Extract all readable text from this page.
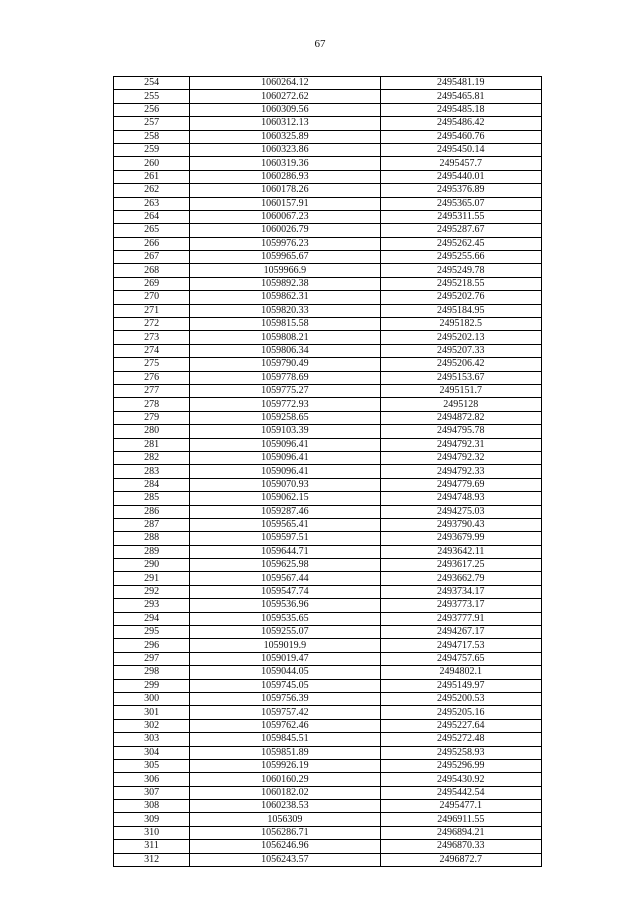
67
254	1060264.12	2495481.19
255	1060272.62	2495465.81
256	1060309.56	2495485.18
257	1060312.13	2495486.42
258	1060325.89	2495460.76
259	1060323.86	2495450.14
260	1060319.36	2495457.7
261	1060286.93	2495440.01
262	1060178.26	2495376.89
263	1060157.91	2495365.07
264	1060067.23	2495311.55
265	1060026.79	2495287.67
266	1059976.23	2495262.45
267	1059965.67	2495255.66
268	1059966.9	2495249.78
269	1059892.38	2495218.55
270	1059862.31	2495202.76
271	1059820.33	2495184.95
272	1059815.58	2495182.5
273	1059808.21	2495202.13
274	1059806.34	2495207.33
275	1059790.49	2495206.42
276	1059778.69	2495153.67
277	1059775.27	2495151.7
278	1059772.93	2495128
279	1059258.65	2494872.82
280	1059103.39	2494795.78
281	1059096.41	2494792.31
282	1059096.41	2494792.32
283	1059096.41	2494792.33
284	1059070.93	2494779.69
285	1059062.15	2494748.93
286	1059287.46	2494275.03
287	1059565.41	2493790.43
288	1059597.51	2493679.99
289	1059644.71	2493642.11
290	1059625.98	2493617.25
291	1059567.44	2493662.79
292	1059547.74	2493734.17
293	1059536.96	2493773.17
294	1059535.65	2493777.91
295	1059255.07	2494267.17
296	1059019.9	2494717.53
297	1059019.47	2494757.65
298	1059044.05	2494802.1
299	1059745.05	2495149.97
300	1059756.39	2495200.53
301	1059757.42	2495205.16
302	1059762.46	2495227.64
303	1059845.51	2495272.48
304	1059851.89	2495258.93
305	1059926.19	2495296.99
306	1060160.29	2495430.92
307	1060182.02	2495442.54
308	1060238.53	2495477.1
309	1056309	2496911.55
310	1056286.71	2496894.21
311	1056246.96	2496870.33
312	1056243.57	2496872.7
